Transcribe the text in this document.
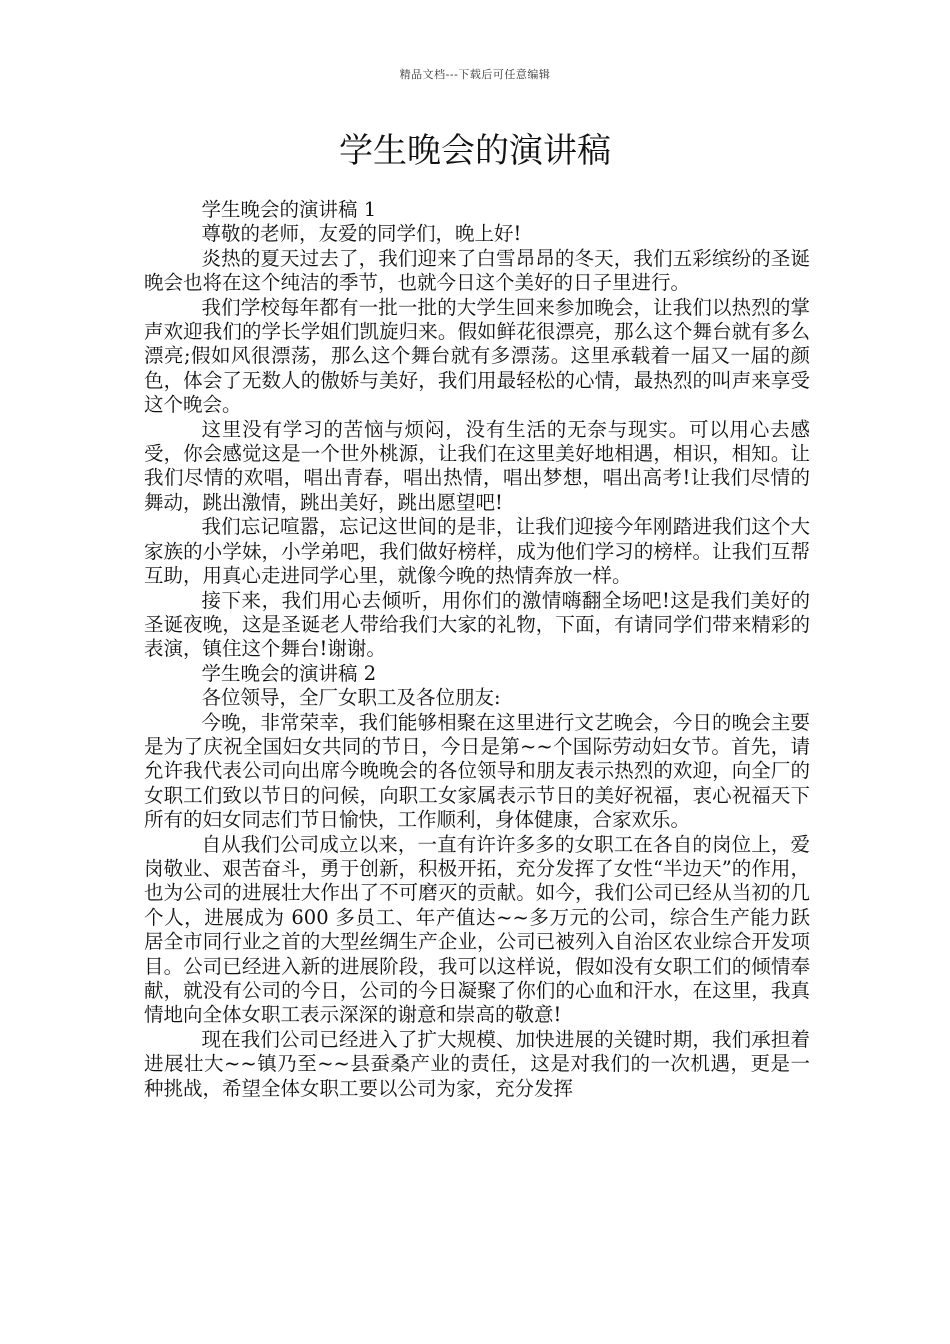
精品文档---下载后可任意编辑
学生晚会的演讲稿

学生晚会的演讲稿 1

尊敬的老师，友爱的同学们，晚上好!

炎热的夏天过去了，我们迎来了白雪昂昂的冬天，我们五彩缤纷的圣诞晚会也将在这个纯洁的季节，也就今日这个美好的日子里进行。

我们学校每年都有一批一批的大学生回来参加晚会，让我们以热烈的掌声欢迎我们的学长学姐们凯旋归来。假如鲜花很漂亮，那么这个舞台就有多么漂亮;假如风很漂荡，那么这个舞台就有多漂荡。这里承载着一届又一届的颜色，体会了无数人的傲娇与美好，我们用最轻松的心情，最热烈的叫声来享受这个晚会。

这里没有学习的苦恼与烦闷，没有生活的无奈与现实。可以用心去感受，你会感觉这是一个世外桃源，让我们在这里美好地相遇，相识，相知。让我们尽情的欢唱，唱出青春，唱出热情，唱出梦想，唱出高考!让我们尽情的舞动，跳出激情，跳出美好，跳出愿望吧!

我们忘记喧嚣，忘记这世间的是非，让我们迎接今年刚踏进我们这个大家族的小学妹，小学弟吧，我们做好榜样，成为他们学习的榜样。让我们互帮互助，用真心走进同学心里，就像今晚的热情奔放一样。

接下来，我们用心去倾听，用你们的激情嗨翻全场吧!这是我们美好的圣诞夜晚，这是圣诞老人带给我们大家的礼物，下面，有请同学们带来精彩的表演，镇住这个舞台!谢谢。

学生晚会的演讲稿 2

各位领导，全厂女职工及各位朋友:

今晚，非常荣幸，我们能够相聚在这里进行文艺晚会，今日的晚会主要是为了庆祝全国妇女共同的节日，今日是第~~个国际劳动妇女节。首先，请允许我代表公司向出席今晚晚会的各位领导和朋友表示热烈的欢迎，向全厂的女职工们致以节日的问候，向职工女家属表示节日的美好祝福，衷心祝福天下所有的妇女同志们节日愉快，工作顺利，身体健康，合家欢乐。

自从我们公司成立以来，一直有许许多多的女职工在各自的岗位上，爱岗敬业、艰苦奋斗，勇于创新，积极开拓，充分发挥了女性“半边天”的作用，也为公司的进展壮大作出了不可磨灭的贡献。如今，我们公司已经从当初的几个人，进展成为 600 多员工、年产值达~~多万元的公司，综合生产能力跃居全市同行业之首的大型丝绸生产企业，公司已被列入自治区农业综合开发项目。公司已经进入新的进展阶段，我可以这样说，假如没有女职工们的倾情奉献，就没有公司的今日，公司的今日凝聚了你们的心血和汗水，在这里，我真情地向全体女职工表示深深的谢意和崇高的敬意!

现在我们公司已经进入了扩大规模、加快进展的关键时期，我们承担着进展壮大~~镇乃至~~县蚕桑产业的责任，这是对我们的一次机遇，更是一种挑战，希望全体女职工要以公司为家，充分发挥
